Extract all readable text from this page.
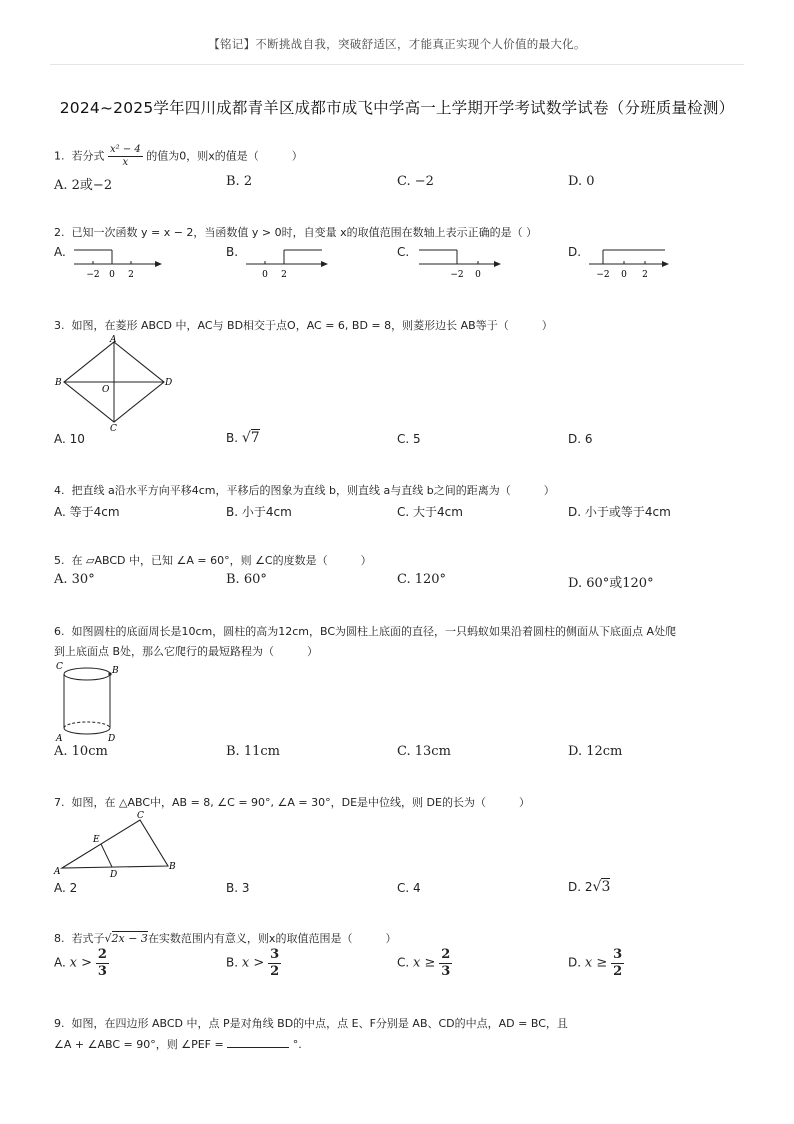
【铭记】不断挑战自我，突破舒适区，才能真正实现个人价值的最大化。
2024~2025学年四川成都青羊区成都市成飞中学高一上学期开学考试数学试卷（分班质量检测）
1. 若分式 $\frac{\text{x² − 4}}{x}$ 的值为0，则x的值是（　　　）
A. 2或−2	B. 2	C. −2	D. 0
2. 已知一次函数 y = x − 2，当函数值 y > 0时，自变量 x的取值范围在数轴上表示正确的是（ ）
A.	B.	C.	D.
−2 0 2	0 2	−2 0	−2 0 2
3. 如图，在菱形 ABCD 中，AC与 BD相交于点O，AC = 6, BD = 8，则菱形边长 AB等于（　　　）
A
B
C
D
O
A. 10	B. √7	C. 5	D. 6
4. 把直线 a沿水平方向平移4cm，平移后的图象为直线 b，则直线 a与直线 b之间的距离为（　　　）
A. 等于4cm	B. 小于4cm	C. 大于4cm	D. 小于或等于4cm
5. 在 ▱ABCD 中，已知 ∠A = 60°，则 ∠C的度数是（　　　）
A. 30°	B. 60°	C. 120°	D. 60°或120°
6. 如图圆柱的底面周长是10cm，圆柱的高为12cm，BC为圆柱上底面的直径，一只蚂蚁如果沿着圆柱的侧面从下底面点 A处爬
到上底面点 B处，那么它爬行的最短路程为（　　　）
C	B
A	D
A. 10cm	B. 11cm	C. 13cm	D. 12cm
7. 如图，在 △ABC中，AB = 8, ∠C = 90°, ∠A = 30°，DE是中位线，则 DE的长为（　　　）
C
A	B
E
D
A. 2	B. 3	C. 4	D. 2√3
8. 若式子√2x − 3在实数范围内有意义，则x的取值范围是（　　　）
A. $x > \frac{2}{3}$	B. $x > \frac{3}{2}$	C. $x \ge \frac{2}{3}$	D. $x \ge \frac{3}{2}$
9. 如图，在四边形 ABCD 中，点 P是对角线 BD的中点，点 E、F分别是 AB、CD的中点，AD = BC，且
∠A + ∠ABC = 90°，则 ∠PEF =	°.
